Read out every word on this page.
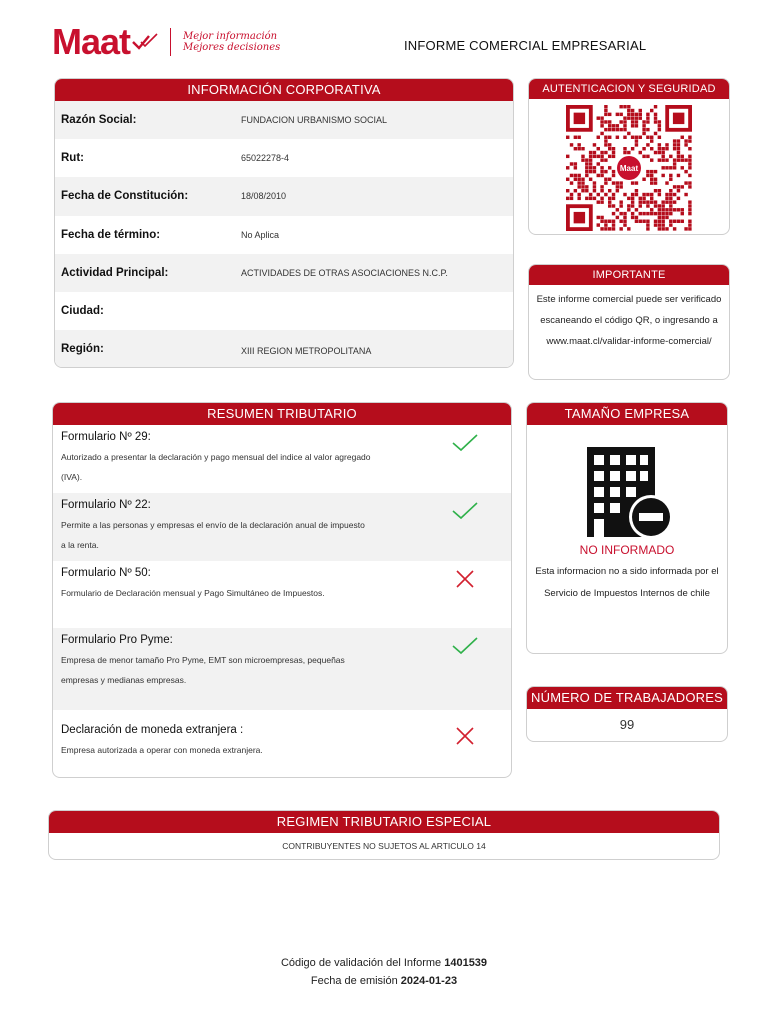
Maat	Mejor información
Mejores decisiones	INFORME COMERCIAL EMPRESARIAL
INFORMACIÓN CORPORATIVA
Razón Social:	FUNDACION URBANISMO SOCIAL
Rut:	65022278-4
Fecha de Constitución:	18/08/2010
Fecha de término:	No Aplica
Actividad Principal:	ACTIVIDADES DE OTRAS ASOCIACIONES N.C.P.
Ciudad:
Región:	XIII REGION METROPOLITANA
AUTENTICACION Y SEGURIDAD
Maat
IMPORTANTE
Este informe comercial puede ser verificado escaneando el código QR, o ingresando a www.maat.cl/validar-informe-comercial/
RESUMEN TRIBUTARIO
Formulario Nº 29:
Autorizado a presentar la declaración y pago mensual del indice al valor agregado (IVA).
Formulario Nº 22:
Permite a las personas y empresas el envío de la declaración anual de impuesto a la renta.
Formulario Nº 50:
Formulario de Declaración mensual y Pago Simultáneo de Impuestos.
Formulario Pro Pyme:
Empresa de menor tamaño Pro Pyme, EMT son microempresas, pequeñas empresas y medianas empresas.
Declaración de moneda extranjera :
Empresa autorizada a operar con moneda extranjera.
TAMAÑO EMPRESA
NO INFORMADO
Esta informacion no a sido informada por el Servicio de Impuestos Internos de chile
NÚMERO DE TRABAJADORES
99
REGIMEN TRIBUTARIO ESPECIAL
CONTRIBUYENTES NO SUJETOS AL ARTICULO 14
Código de validación del Informe 1401539
Fecha de emisión 2024-01-23
